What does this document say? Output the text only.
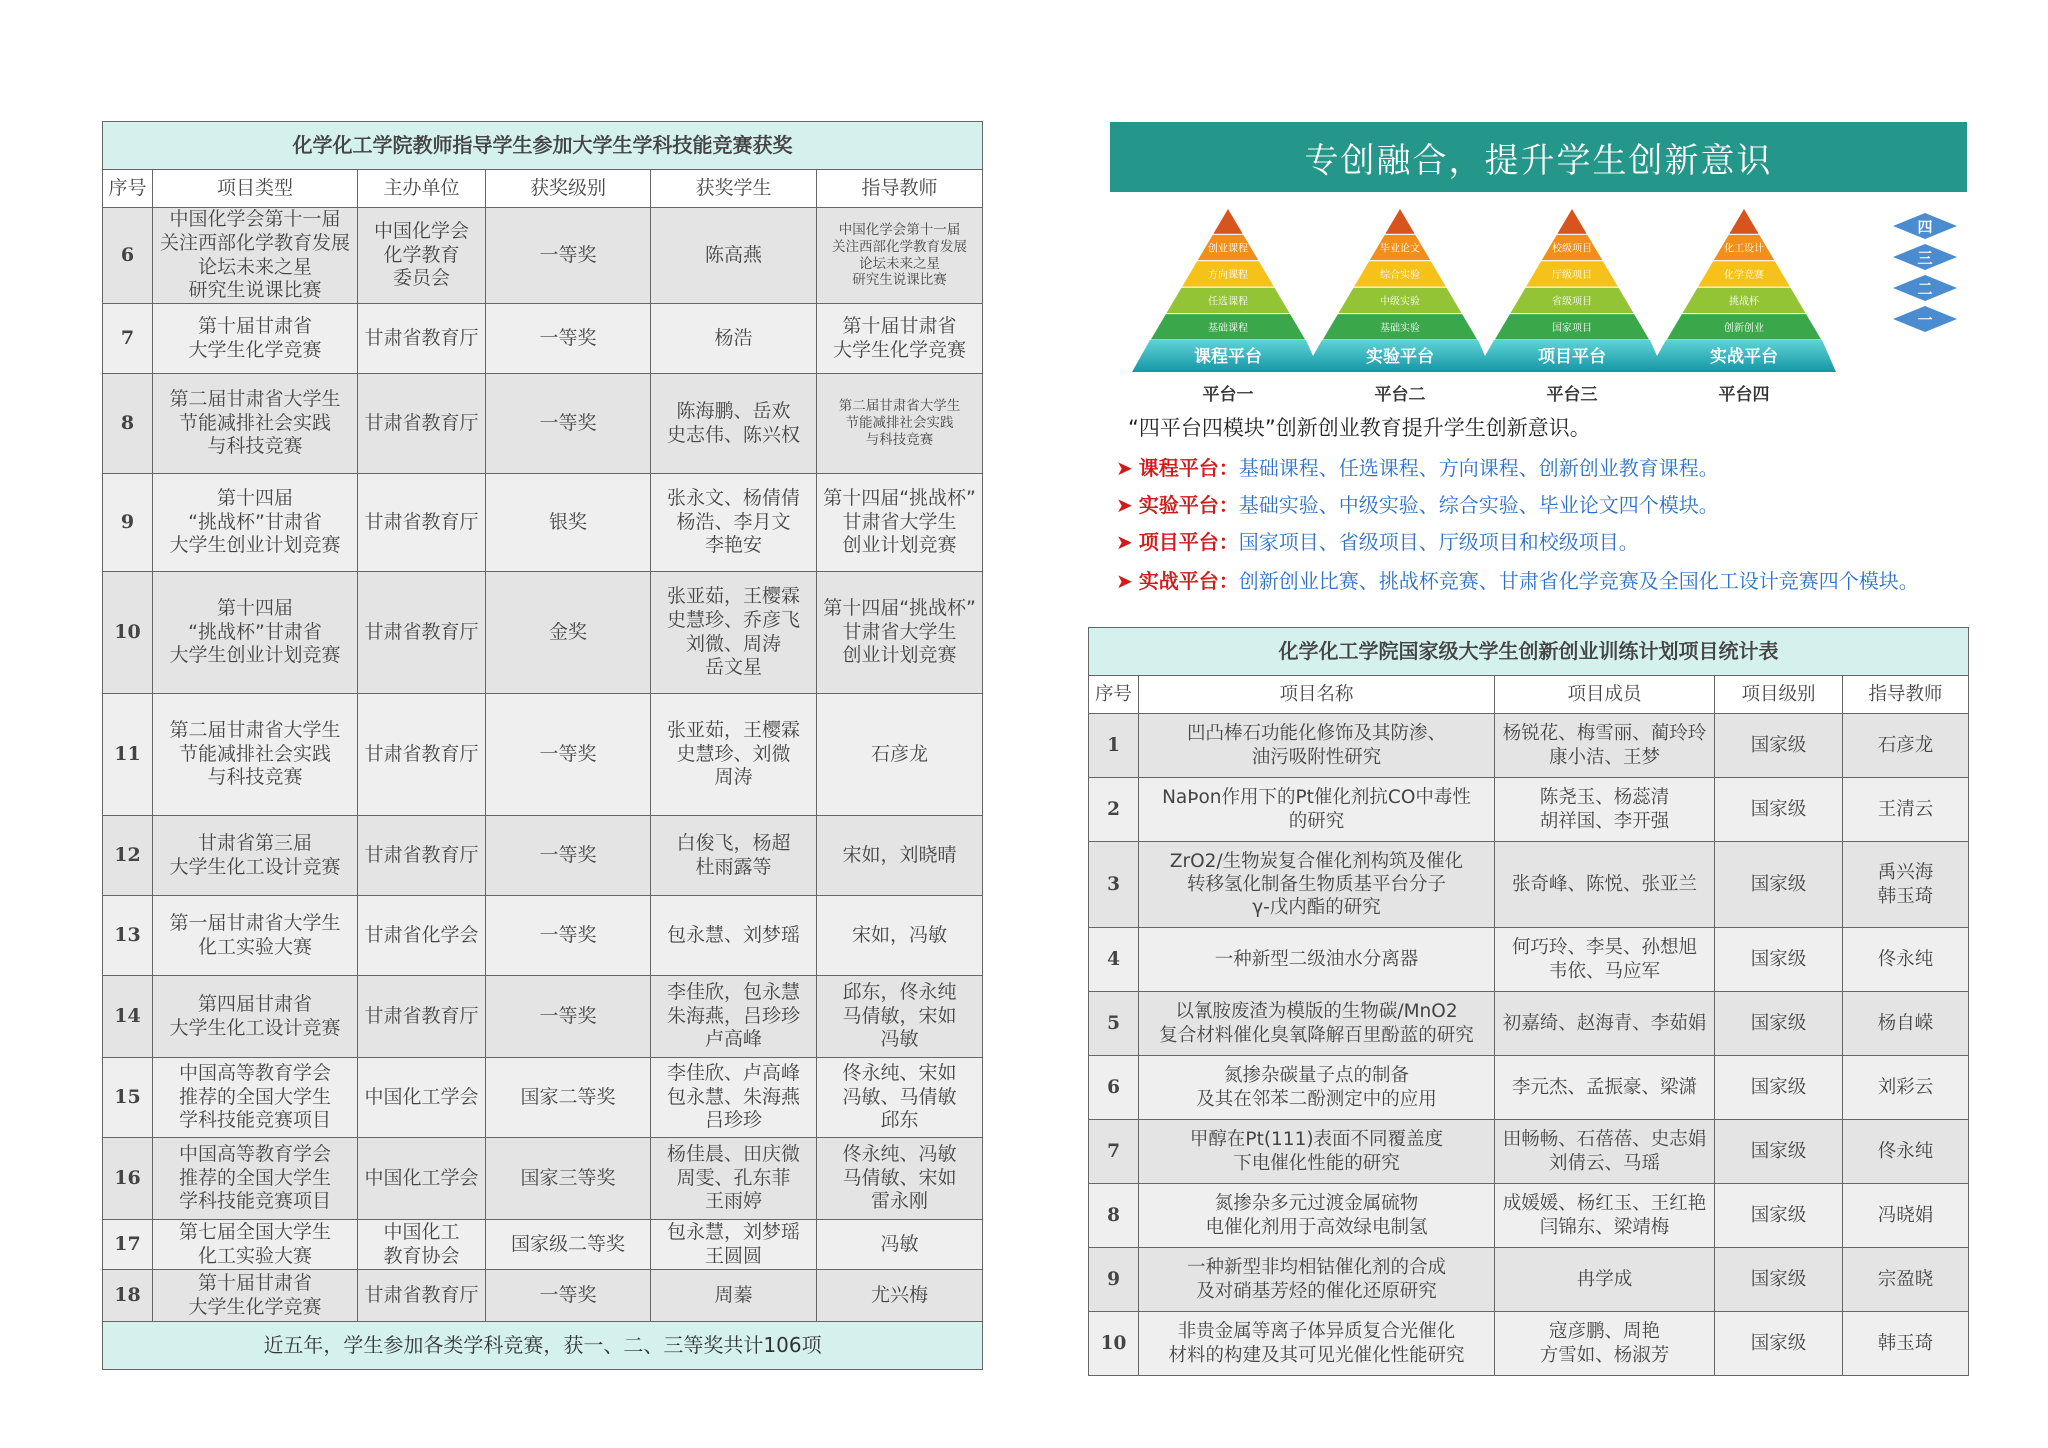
化学化工学院教师指导学生参加大学生学科技能竞赛获奖					
序号	项目类型	主办单位	获奖级别	获奖学生	指导教师
6	中国化学会第十一届
关注西部化学教育发展
论坛未来之星
研究生说课比赛	中国化学会
化学教育
委员会	一等奖	陈高燕	中国化学会第十一届
关注西部化学教育发展
论坛未来之星
研究生说课比赛
7	第十届甘肃省
大学生化学竞赛	甘肃省教育厅	一等奖	杨浩	第十届甘肃省
大学生化学竞赛
8	第二届甘肃省大学生
节能减排社会实践
与科技竞赛	甘肃省教育厅	一等奖	陈海鹏、岳欢
史志伟、陈兴权	第二届甘肃省大学生
节能减排社会实践
与科技竞赛
9	第十四届
“挑战杯”甘肃省
大学生创业计划竞赛	甘肃省教育厅	银奖	张永文、杨倩倩
杨浩、李月文
李艳安	第十四届“挑战杯”
甘肃省大学生
创业计划竞赛
10	第十四届
“挑战杯”甘肃省
大学生创业计划竞赛	甘肃省教育厅	金奖	张亚茹，王樱霖
史慧珍、乔彦飞
刘微、周涛
岳文星	第十四届“挑战杯”
甘肃省大学生
创业计划竞赛
11	第二届甘肃省大学生
节能减排社会实践
与科技竞赛	甘肃省教育厅	一等奖	张亚茹，王樱霖
史慧珍、刘微
周涛	石彦龙
12	甘肃省第三届
大学生化工设计竞赛	甘肃省教育厅	一等奖	白俊飞，杨超
杜雨露等	宋如，刘晓晴
13	第一届甘肃省大学生
化工实验大赛	甘肃省化学会	一等奖	包永慧、刘梦瑶	宋如，冯敏
14	第四届甘肃省
大学生化工设计竞赛	甘肃省教育厅	一等奖	李佳欣，包永慧
朱海燕，吕珍珍
卢高峰	邱东，佟永纯
马倩敏，宋如
冯敏
15	中国高等教育学会
推荐的全国大学生
学科技能竞赛项目	中国化工学会	国家二等奖	李佳欣、卢高峰
包永慧、朱海燕
吕珍珍	佟永纯、宋如
冯敏、马倩敏
邱东
16	中国高等教育学会
推荐的全国大学生
学科技能竞赛项目	中国化工学会	国家三等奖	杨佳晨、田庆微
周雯、孔东菲
王雨婷	佟永纯、冯敏
马倩敏、宋如
雷永刚
17	第七届全国大学生
化工实验大赛	中国化工
教育协会	国家级二等奖	包永慧，刘梦瑶
王圆圆	冯敏
18	第十届甘肃省
大学生化学竞赛	甘肃省教育厅	一等奖	周蓁	尤兴梅
近五年，学生参加各类学科竞赛，获一、二、三等奖共计106项					
专创融合，提升学生创新意识
创业课程
方向课程
任选课程
基础课程
课程平台
平台一
毕业论文
综合实验
中级实验
基础实验
实验平台
平台二
校级项目
厅级项目
省级项目
国家项目
项目平台
平台三
化工设计
化学竞赛
挑战杯
创新创业
实战平台
平台四
四
三
二
一
“四平台四模块”创新创业教育提升学生创新意识。
➤ 课程平台：基础课程、任选课程、方向课程、创新创业教育课程。
➤ 实验平台：基础实验、中级实验、综合实验、毕业论文四个模块。
➤ 项目平台：国家项目、省级项目、厅级项目和校级项目。
➤ 实战平台：创新创业比赛、挑战杯竞赛、甘肃省化学竞赛及全国化工设计竞赛四个模块。
化学化工学院国家级大学生创新创业训练计划项目统计表				
序号	项目名称	项目成员	项目级别	指导教师
1	凹凸棒石功能化修饰及其防渗、
油污吸附性研究	杨锐花、梅雪丽、蔺玲玲
康小洁、王梦	国家级	石彦龙
2	NaÞon作用下的Pt催化剂抗CO中毒性
的研究	陈尧玉、杨蕊清
胡祥国、李开强	国家级	王清云
3	ZrO2/生物炭复合催化剂构筑及催化
转移氢化制备生物质基平台分子
γ-戊内酯的研究	张奇峰、陈悦、张亚兰	国家级	禹兴海
韩玉琦
4	一种新型二级油水分离器	何巧玲、李昊、孙想旭
韦依、马应军	国家级	佟永纯
5	以氰胺废渣为模版的生物碳/MnO2
复合材料催化臭氧降解百里酚蓝的研究	初嘉绮、赵海青、李茹娟	国家级	杨自嵘
6	氮掺杂碳量子点的制备
及其在邻苯二酚测定中的应用	李元杰、孟振豪、梁潇	国家级	刘彩云
7	甲醇在Pt(111)表面不同覆盖度
下电催化性能的研究	田畅畅、石蓓蓓、史志娟
刘倩云、马瑶	国家级	佟永纯
8	氮掺杂多元过渡金属硫物
电催化剂用于高效绿电制氢	成媛媛、杨红玉、王红艳
闫锦东、梁靖梅	国家级	冯晓娟
9	一种新型非均相钴催化剂的合成
及对硝基芳烃的催化还原研究	冉学成	国家级	宗盈晓
10	非贵金属等离子体异质复合光催化
材料的构建及其可见光催化性能研究	寇彦鹏、周艳
方雪如、杨淑芳	国家级	韩玉琦
